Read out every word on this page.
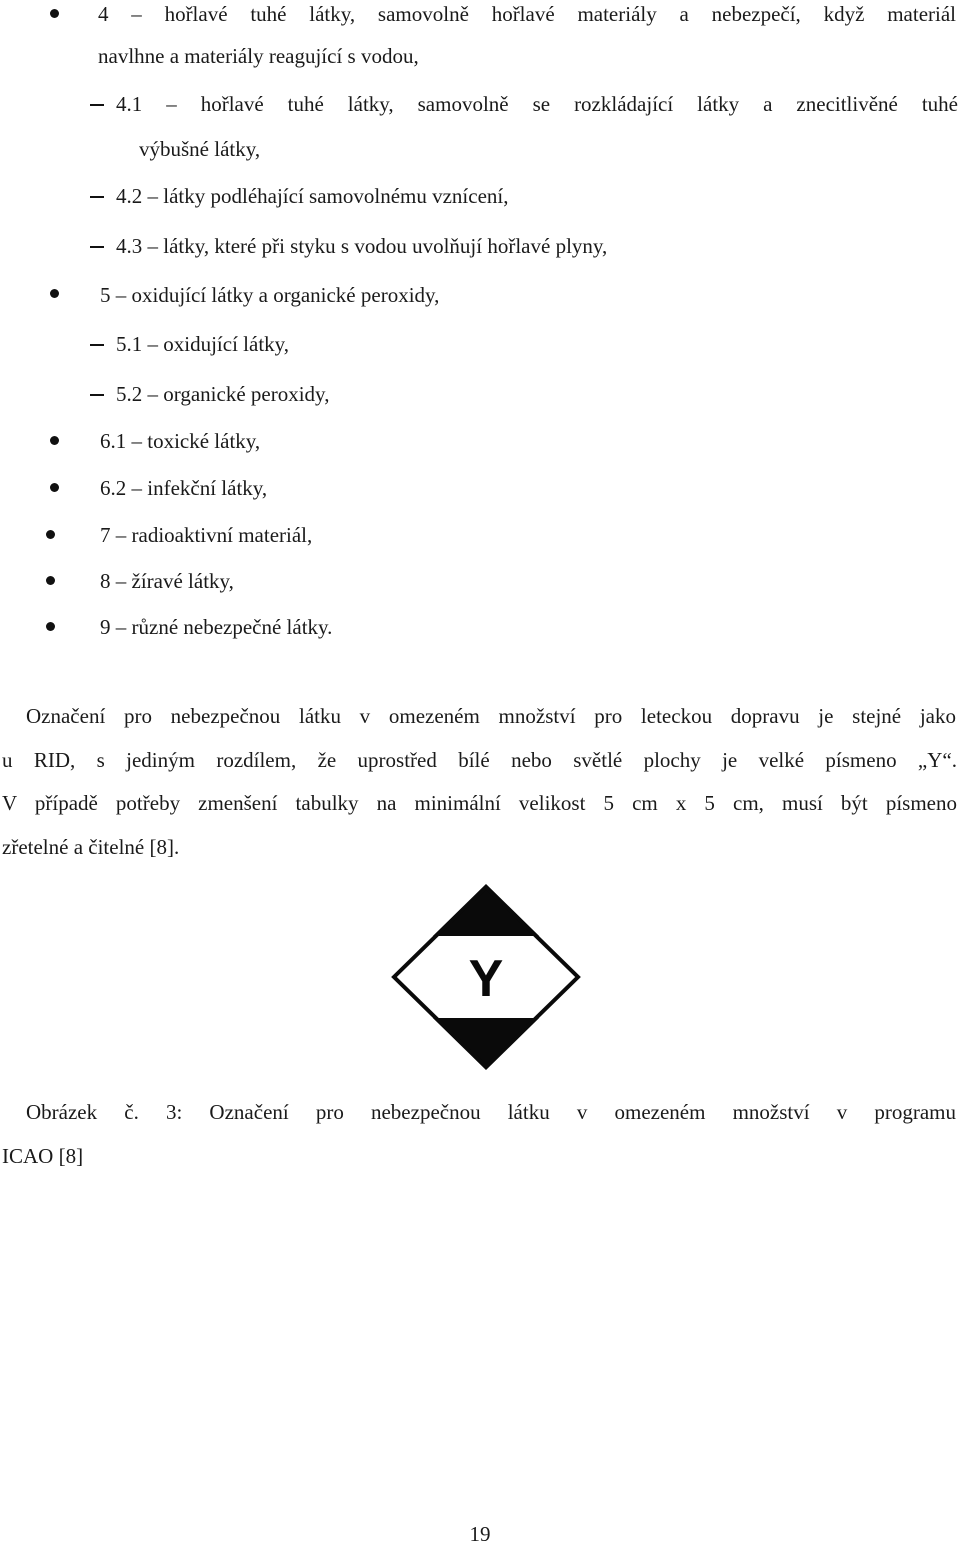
4 – hořlavé tuhé látky, samovolně hořlavé materiály a nebezpečí, když materiál
navlhne a materiály reagující s vodou,
4.1 – hořlavé tuhé látky, samovolně se rozkládající látky a znecitlivěné tuhé
výbušné látky,
4.2 – látky podléhající samovolnému vznícení,
4.3 – látky, které při styku s vodou uvolňují hořlavé plyny,
5 – oxidující látky a organické peroxidy,
5.1 – oxidující látky,
5.2 – organické peroxidy,
6.1 – toxické látky,
6.2 – infekční látky,
7 – radioaktivní materiál,
8 – žíravé látky,
9 – různé nebezpečné látky.
Označení pro nebezpečnou látku v omezeném množství pro leteckou dopravu je stejné jako
u RID, s jediným rozdílem, že uprostřed bílé nebo světlé plochy je velké písmeno „Y“.
V případě potřeby zmenšení tabulky na minimální velikost 5 cm x 5 cm, musí být písmeno
zřetelné a čitelné [8].
Y
Obrázek č. 3: Označení pro nebezpečnou látku v omezeném množství v programu
ICAO [8]
19
